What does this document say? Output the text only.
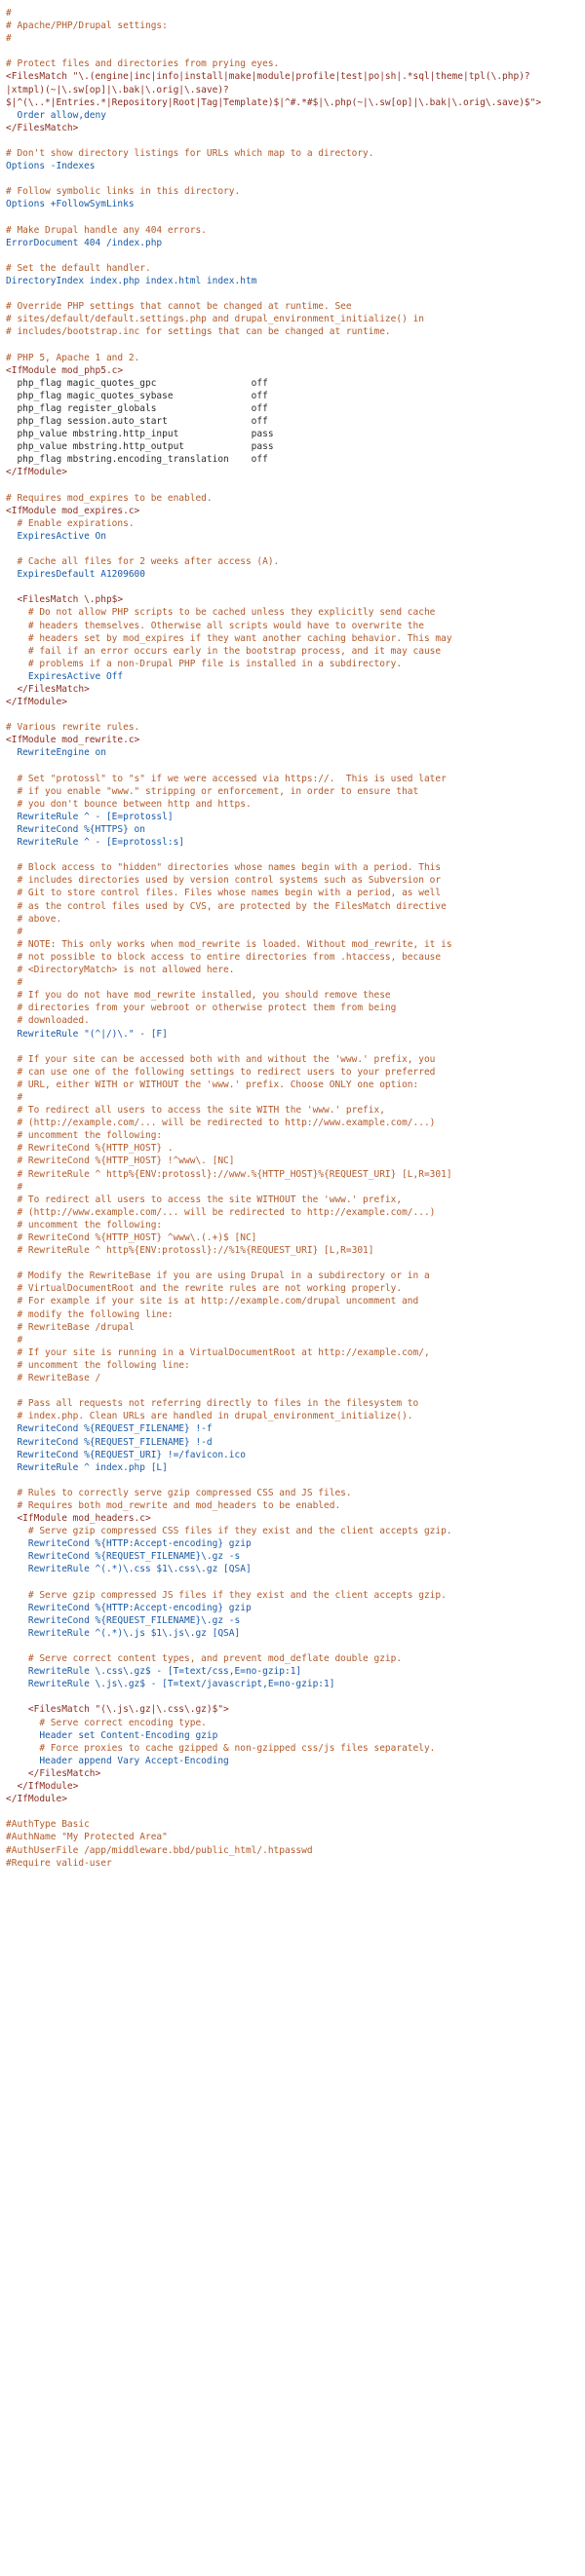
#
# Apache/PHP/Drupal settings:
#
# Protect files and directories from prying eyes.
<FilesMatch "\.(engine|inc|info|install|make|module|profile|test|po|sh|.*sql|theme|tpl(\.php)?
|xtmpl)(~|\.sw[op]|\.bak|\.orig|\.save)?
$|^(\..*|Entries.*|Repository|Root|Tag|Template)$|^#.*#$|\.php(~|\.sw[op]|\.bak|\.orig\.save)$">
Order allow,deny
</FilesMatch>
# Don't show directory listings for URLs which map to a directory.
Options -Indexes
# Follow symbolic links in this directory.
Options +FollowSymLinks
# Make Drupal handle any 404 errors.
ErrorDocument 404 /index.php
# Set the default handler.
DirectoryIndex index.php index.html index.htm
# Override PHP settings that cannot be changed at runtime. See
# sites/default/default.settings.php and drupal_environment_initialize() in
# includes/bootstrap.inc for settings that can be changed at runtime.
# PHP 5, Apache 1 and 2.
<IfModule mod_php5.c>
php_flag magic_quotes_gpc                 off
php_flag magic_quotes_sybase              off
php_flag register_globals                 off
php_flag session.auto_start               off
php_value mbstring.http_input             pass
php_value mbstring.http_output            pass
php_flag mbstring.encoding_translation    off
</IfModule>
# Requires mod_expires to be enabled.
<IfModule mod_expires.c>
# Enable expirations.
ExpiresActive On
# Cache all files for 2 weeks after access (A).
ExpiresDefault A1209600
<FilesMatch \.php$>
# Do not allow PHP scripts to be cached unless they explicitly send cache
# headers themselves. Otherwise all scripts would have to overwrite the
# headers set by mod_expires if they want another caching behavior. This may
# fail if an error occurs early in the bootstrap process, and it may cause
# problems if a non-Drupal PHP file is installed in a subdirectory.
ExpiresActive Off
</FilesMatch>
</IfModule>
# Various rewrite rules.
<IfModule mod_rewrite.c>
RewriteEngine on
# Set "protossl" to "s" if we were accessed via https://.  This is used later
# if you enable "www." stripping or enforcement, in order to ensure that
# you don't bounce between http and https.
RewriteRule ^ - [E=protossl]
RewriteCond %{HTTPS} on
RewriteRule ^ - [E=protossl:s]
# Block access to "hidden" directories whose names begin with a period. This
# includes directories used by version control systems such as Subversion or
# Git to store control files. Files whose names begin with a period, as well
# as the control files used by CVS, are protected by the FilesMatch directive
# above.
#
# NOTE: This only works when mod_rewrite is loaded. Without mod_rewrite, it is
# not possible to block access to entire directories from .htaccess, because
# <DirectoryMatch> is not allowed here.
#
# If you do not have mod_rewrite installed, you should remove these
# directories from your webroot or otherwise protect them from being
# downloaded.
RewriteRule "(^|/)\." - [F]
# If your site can be accessed both with and without the 'www.' prefix, you
# can use one of the following settings to redirect users to your preferred
# URL, either WITH or WITHOUT the 'www.' prefix. Choose ONLY one option:
#
# To redirect all users to access the site WITH the 'www.' prefix,
# (http://example.com/... will be redirected to http://www.example.com/...)
# uncomment the following:
# RewriteCond %{HTTP_HOST} .
# RewriteCond %{HTTP_HOST} !^www\. [NC]
# RewriteRule ^ http%{ENV:protossl}://www.%{HTTP_HOST}%{REQUEST_URI} [L,R=301]
#
# To redirect all users to access the site WITHOUT the 'www.' prefix,
# (http://www.example.com/... will be redirected to http://example.com/...)
# uncomment the following:
# RewriteCond %{HTTP_HOST} ^www\.(.+)$ [NC]
# RewriteRule ^ http%{ENV:protossl}://%1%{REQUEST_URI} [L,R=301]
# Modify the RewriteBase if you are using Drupal in a subdirectory or in a
# VirtualDocumentRoot and the rewrite rules are not working properly.
# For example if your site is at http://example.com/drupal uncomment and
# modify the following line:
# RewriteBase /drupal
#
# If your site is running in a VirtualDocumentRoot at http://example.com/,
# uncomment the following line:
# RewriteBase /
# Pass all requests not referring directly to files in the filesystem to
# index.php. Clean URLs are handled in drupal_environment_initialize().
RewriteCond %{REQUEST_FILENAME} !-f
RewriteCond %{REQUEST_FILENAME} !-d
RewriteCond %{REQUEST_URI} !=/favicon.ico
RewriteRule ^ index.php [L]
# Rules to correctly serve gzip compressed CSS and JS files.
# Requires both mod_rewrite and mod_headers to be enabled.
<IfModule mod_headers.c>
# Serve gzip compressed CSS files if they exist and the client accepts gzip.
RewriteCond %{HTTP:Accept-encoding} gzip
RewriteCond %{REQUEST_FILENAME}\.gz -s
RewriteRule ^(.*)\.css $1\.css\.gz [QSA]
# Serve gzip compressed JS files if they exist and the client accepts gzip.
RewriteCond %{HTTP:Accept-encoding} gzip
RewriteCond %{REQUEST_FILENAME}\.gz -s
RewriteRule ^(.*)\.js $1\.js\.gz [QSA]
# Serve correct content types, and prevent mod_deflate double gzip.
RewriteRule \.css\.gz$ - [T=text/css,E=no-gzip:1]
RewriteRule \.js\.gz$ - [T=text/javascript,E=no-gzip:1]
<FilesMatch "(\.js\.gz|\.css\.gz)$">
# Serve correct encoding type.
Header set Content-Encoding gzip
# Force proxies to cache gzipped & non-gzipped css/js files separately.
Header append Vary Accept-Encoding
</FilesMatch>
</IfModule>
</IfModule>
#AuthType Basic
#AuthName "My Protected Area"
#AuthUserFile /app/middleware.bbd/public_html/.htpasswd
#Require valid-user
